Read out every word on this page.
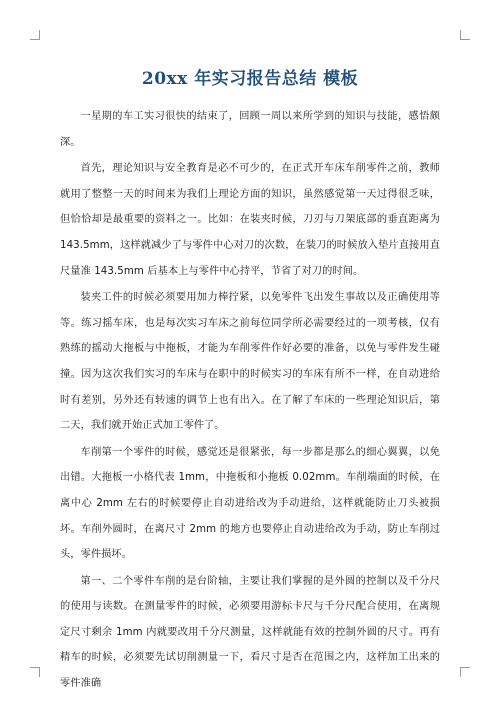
20xx 年实习报告总结 模板

一星期的车工实习很快的结束了，回顾一周以来所学到的知识与技能，感悟颇深。

首先，理论知识与安全教育是必不可少的，在正式开车床车削零件之前，教师就用了整整一天的时间来为我们上理论方面的知识，虽然感觉第一天过得很乏味，但恰恰却是最重要的资料之一。比如：在装夹时候，刀刃与刀架底部的垂直距离为 143.5mm，这样就减少了与零件中心对刀的次数，在装刀的时候放入垫片直接用直尺量准 143.5mm 后基本上与零件中心持平，节省了对刀的时间。

装夹工件的时候必须要用加力棒拧紧，以免零件飞出发生事故以及正确使用等等。练习摇车床，也是每次实习车床之前每位同学所必需要经过的一项考核，仅有熟练的摇动大拖板与中拖板，才能为车削零件作好必要的准备，以免与零件发生碰撞。因为这次我们实习的车床与在职中的时候实习的车床有所不一样，在自动进给时有差别，另外还有转速的调节上也有出入。在了解了车床的一些理论知识后，第二天，我们就开始正式加工零件了。

车削第一个零件的时候，感觉还是很紧张，每一步都是那么的细心翼翼，以免出错。大拖板一小格代表 1mm，中拖板和小拖板 0.02mm。车削端面的时候，在离中心 2mm 左右的时候要停止自动进给改为手动进给，这样就能防止刀头被损坏。车削外圆时，在离尺寸 2mm 的地方也要停止自动进给改为手动，防止车削过头，零件损坏。

第一、二个零件车削的是台阶轴，主要让我们掌握的是外圆的控制以及千分尺的使用与读数。在测量零件的时候，必须要用游标卡尺与千分尺配合使用，在离规定尺寸剩余 1mm 内就要改用千分尺测量，这样就能有效的控制外圆的尺寸。再有精车的时候，必须要先试切削测量一下，看尺寸是否在范围之内，这样加工出来的零件准确
